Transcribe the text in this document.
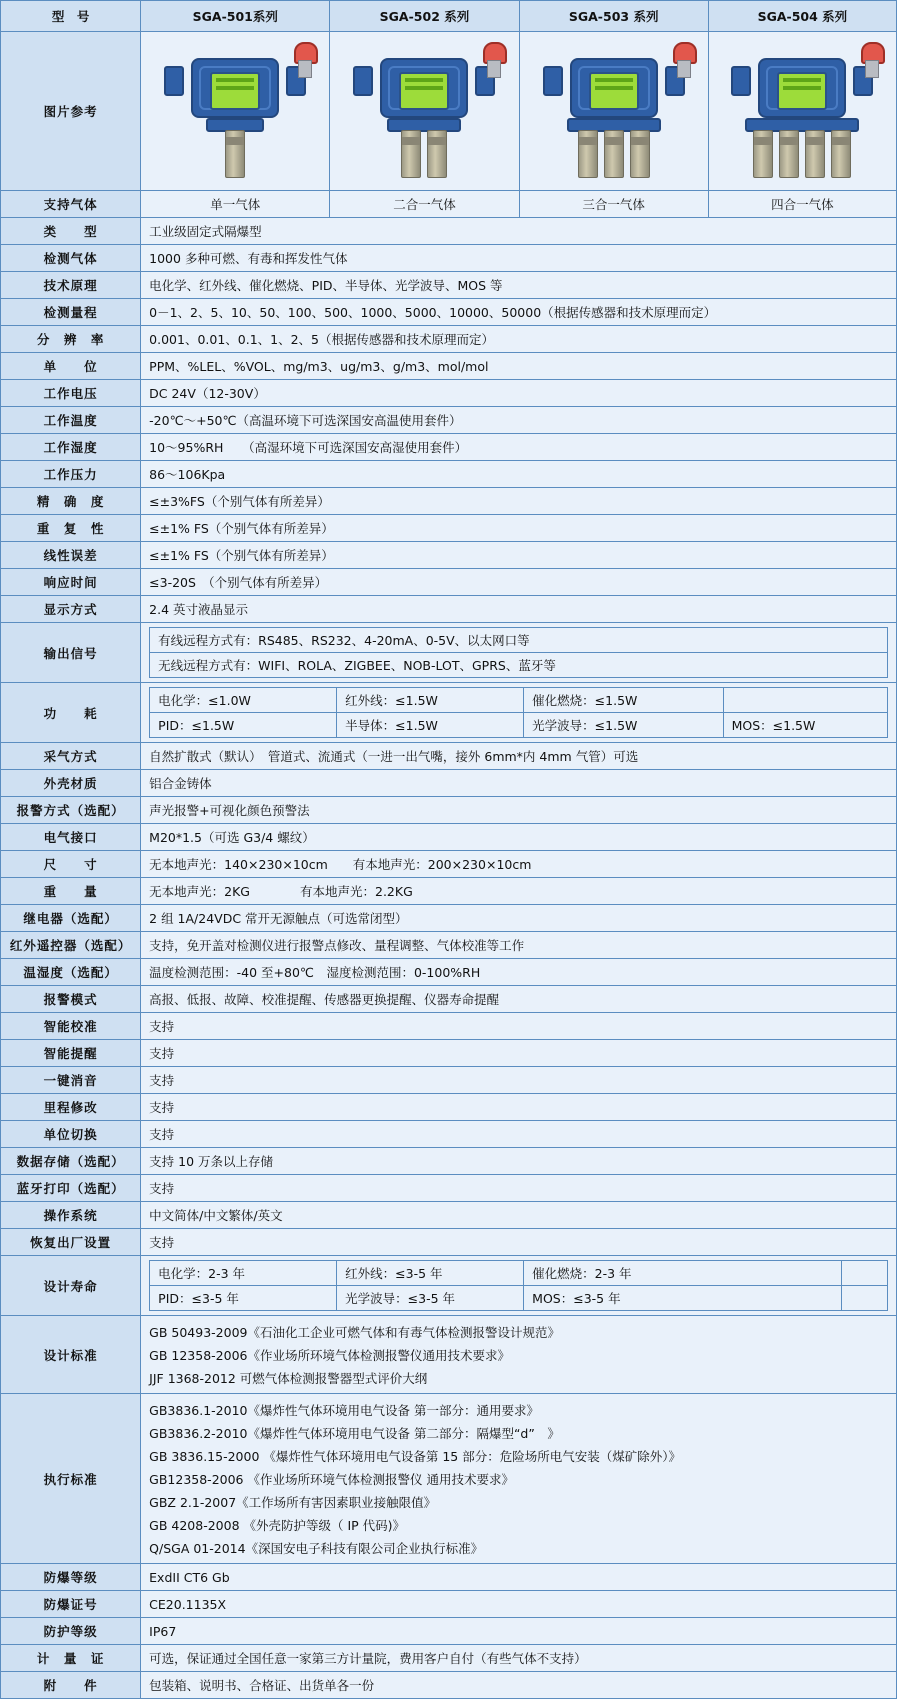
型　号	SGA-501系列	SGA-502 系列	SGA-503 系列	SGA-504 系列
图片参考	

支持气体	单一气体	二合一气体	三合一气体	四合一气体
类　　型	工业级固定式隔爆型
检测气体	1000 多种可燃、有毒和挥发性气体
技术原理	电化学、红外线、催化燃烧、PID、半导体、光学波导、MOS 等
检测量程	0－1、2、5、10、50、100、500、1000、5000、10000、50000（根据传感器和技术原理而定）
分　辨　率	0.001、0.01、0.1、1、2、5（根据传感器和技术原理而定）
单　　位	PPM、%LEL、%VOL、mg/m3、ug/m3、g/m3、mol/mol
工作电压	DC 24V（12-30V）
工作温度	-20℃～+50℃（高温环境下可选深国安高温使用套件）
工作湿度	10～95%RH　　（高湿环境下可选深国安高湿使用套件）
工作压力	86～106Kpa
精　确　度	≤±3%FS（个别气体有所差异）
重　复　性	≤±1% FS（个别气体有所差异）
线性误差	≤±1% FS（个别气体有所差异）
响应时间	≤3-20S　（个别气体有所差异）
显示方式	2.4 英寸液晶显示
输出信号	
有线远程方式有：RS485、RS232、4-20mA、0-5V、以太网口等
无线远程方式有：WIFI、ROLA、ZIGBEE、NOB-LOT、GPRS、蓝牙等

功　　耗	
电化学：≤1.0W	红外线：≤1.5W	催化燃烧：≤1.5W	
PID：≤1.5W	半导体：≤1.5W	光学波导：≤1.5W	MOS：≤1.5W

采气方式	自然扩散式（默认）　管道式、流通式（一进一出气嘴，接外 6mm*内 4mm 气管）可选
外壳材质	铝合金铸体
报警方式（选配）	声光报警+可视化颜色预警法
电气接口	M20*1.5（可选 G3/4 螺纹）
尺　　寸	无本地声光：140×230×10cm　　有本地声光：200×230×10cm
重　　量	无本地声光：2KG　　　　有本地声光：2.2KG
继电器（选配）	2 组 1A/24VDC 常开无源触点（可选常闭型）
红外遥控器（选配）	支持，免开盖对检测仪进行报警点修改、量程调整、气体校准等工作
温湿度（选配）	温度检测范围：-40 至+80℃　湿度检测范围：0-100%RH
报警模式	高报、低报、故障、校准提醒、传感器更换提醒、仪器寿命提醒
智能校准	支持
智能提醒	支持
一键消音	支持
里程修改	支持
单位切换	支持
数据存储（选配）	支持 10 万条以上存储
蓝牙打印（选配）	支持
操作系统	中文简体/中文繁体/英文
恢复出厂设置	支持
设计寿命	
电化学：2-3 年	红外线：≤3-5 年	催化燃烧：2-3 年	
PID：≤3-5 年	光学波导：≤3-5 年	MOS：≤3-5 年	

设计标准	
GB 50493-2009《石油化工企业可燃气体和有毒气体检测报警设计规范》
GB 12358-2006《作业场所环境气体检测报警仪通用技术要求》
JJF 1368-2012 可燃气体检测报警器型式评价大纲

执行标准	
GB3836.1-2010《爆炸性气体环境用电气设备 第一部分：通用要求》
GB3836.2-2010《爆炸性气体环境用电气设备 第二部分：隔爆型“d”　》
GB 3836.15-2000 《爆炸性气体环境用电气设备第 15 部分：危险场所电气安装（煤矿除外）》
GB12358-2006 《作业场所环境气体检测报警仪 通用技术要求》
GBZ 2.1-2007《工作场所有害因素职业接触限值》
GB 4208-2008 《外壳防护等级（ IP 代码)》
Q/SGA 01-2014《深国安电子科技有限公司企业执行标准》

防爆等级	ExdII CT6 Gb
防爆证号	CE20.1135X
防护等级	IP67
计　量　证	可选，保证通过全国任意一家第三方计量院，费用客户自付（有些气体不支持）
附　　件	包装箱、说明书、合格证、出货单各一份
